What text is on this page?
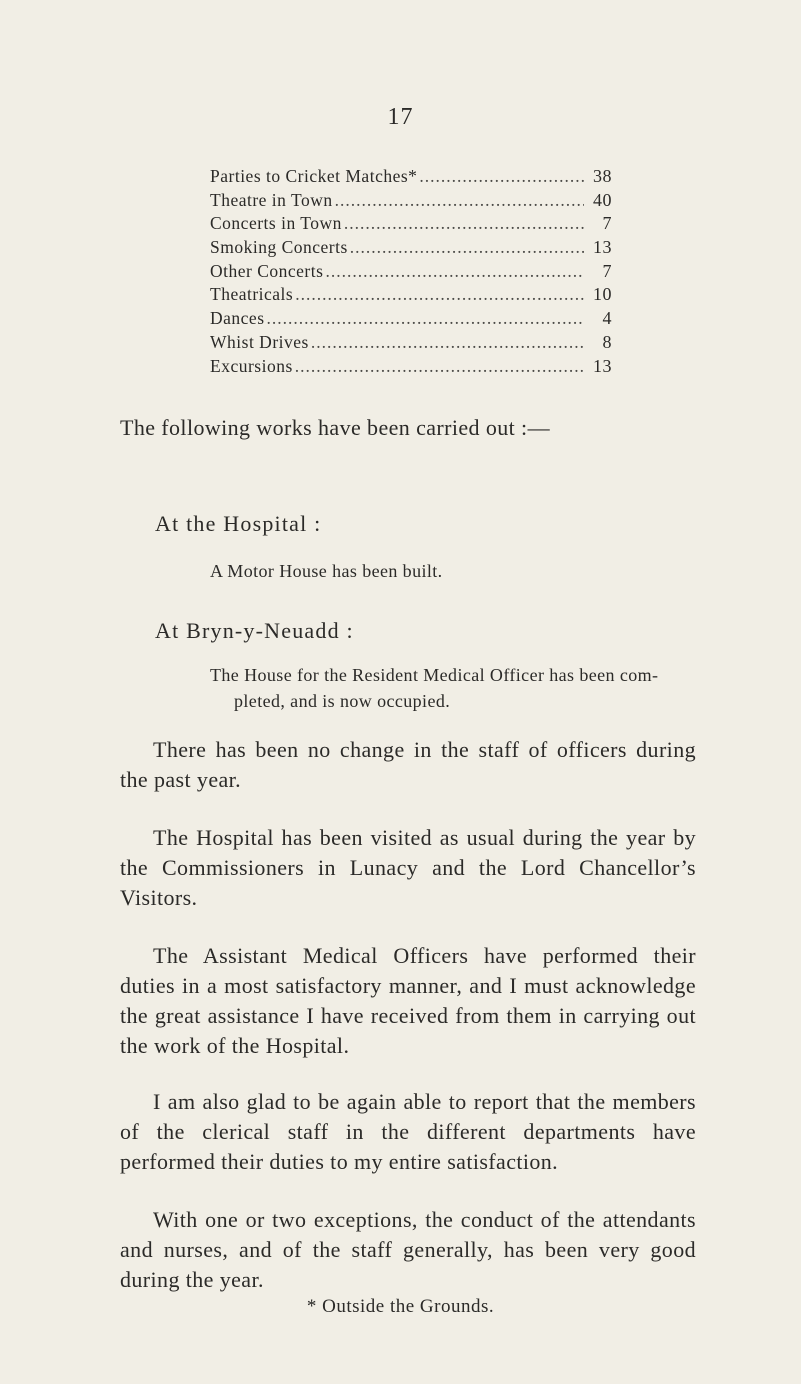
17
Parties to Cricket Matches* .....	38
Theatre in Town .....	40
Concerts in Town .....	7
Smoking Concerts .....	13
Other Concerts .....	7
Theatricals .....	10
Dances .....	4
Whist Drives .....	8
Excursions .....	13

The following works have been carried out :—

At the Hospital :

A Motor House has been built.

At Bryn-y-Neuadd :

The House for the Resident Medical Officer has been com-
pleted, and is now occupied.

There has been no change in the staff of officers during the past year.

The Hospital has been visited as usual during the year by the Commissioners in Lunacy and the Lord Chancellor’s Visitors.

The Assistant Medical Officers have performed their duties in a most satisfactory manner, and I must acknowledge the great assistance I have received from them in carrying out the work of the Hospital.

I am also glad to be again able to report that the members of the clerical staff in the different departments have performed their duties to my entire satisfaction.

With one or two exceptions, the conduct of the attendants and nurses, and of the staff generally, has been very good during the year.

* Outside the Grounds.
